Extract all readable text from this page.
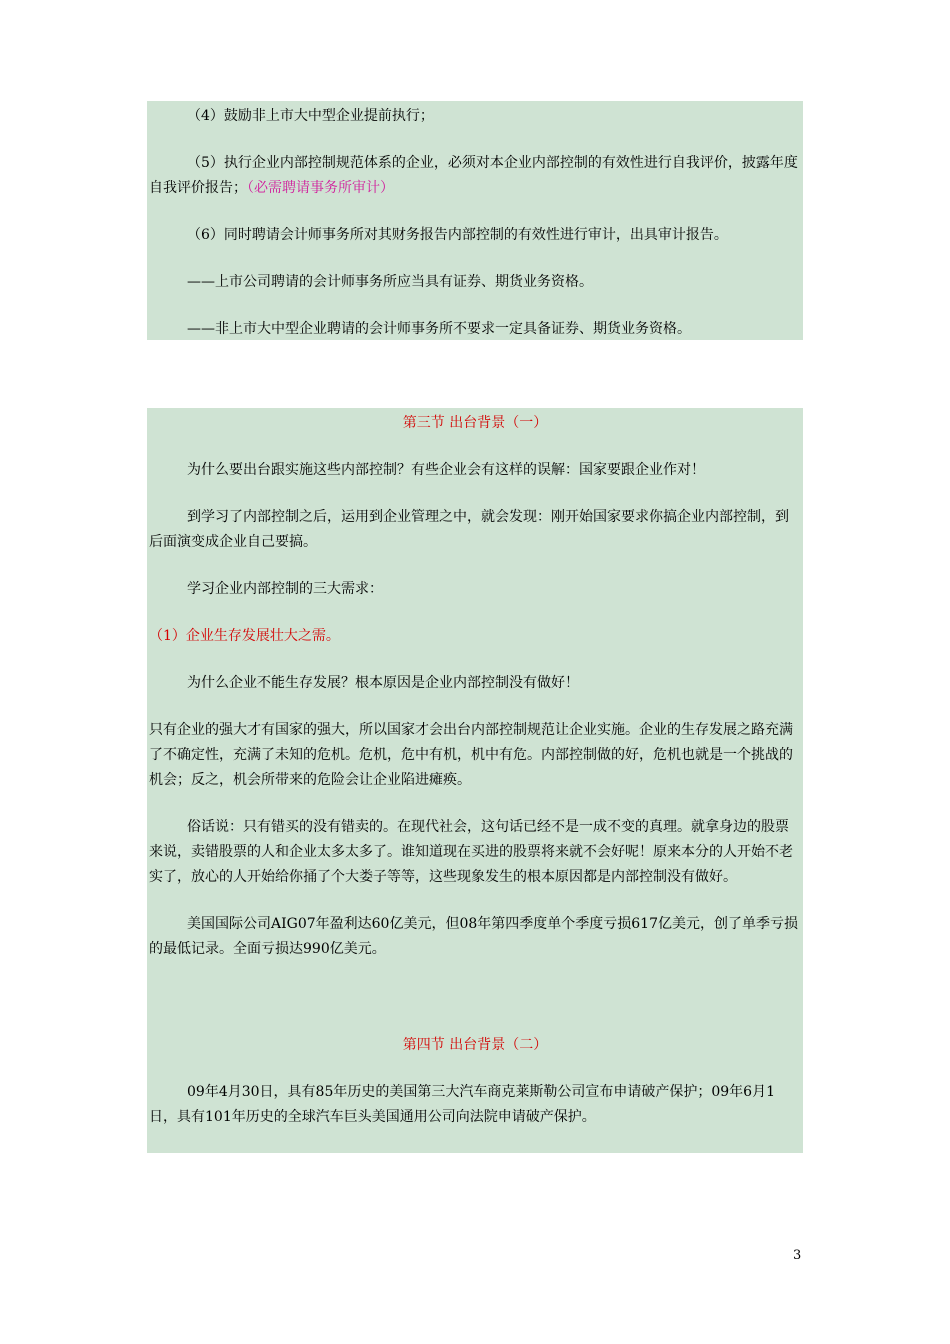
（4）鼓励非上市大中型企业提前执行；

（5）执行企业内部控制规范体系的企业，必须对本企业内部控制的有效性进行自我评价，披露年度自我评价报告；（必需聘请事务所审计）

（6）同时聘请会计师事务所对其财务报告内部控制的有效性进行审计，出具审计报告。

——上市公司聘请的会计师事务所应当具有证券、期货业务资格。

——非上市大中型企业聘请的会计师事务所不要求一定具备证券、期货业务资格。

第三节 出台背景（一）

为什么要出台跟实施这些内部控制？有些企业会有这样的误解：国家要跟企业作对！

到学习了内部控制之后，运用到企业管理之中，就会发现：刚开始国家要求你搞企业内部控制，到后面演变成企业自己要搞。

学习企业内部控制的三大需求：

（1）企业生存发展壮大之需。

为什么企业不能生存发展？根本原因是企业内部控制没有做好！

只有企业的强大才有国家的强大，所以国家才会出台内部控制规范让企业实施。企业的生存发展之路充满了不确定性，充满了未知的危机。危机，危中有机，机中有危。内部控制做的好，危机也就是一个挑战的机会；反之，机会所带来的危险会让企业陷进瘫痪。

俗话说：只有错买的没有错卖的。在现代社会，这句话已经不是一成不变的真理。就拿身边的股票来说，卖错股票的人和企业太多太多了。谁知道现在买进的股票将来就不会好呢！原来本分的人开始不老实了，放心的人开始给你捅了个大娄子等等，这些现象发生的根本原因都是内部控制没有做好。

美国国际公司AIG07年盈利达60亿美元，但08年第四季度单个季度亏损617亿美元，创了单季亏损的最低记录。全面亏损达990亿美元。

第四节 出台背景（二）

09年4月30日，具有85年历史的美国第三大汽车商克莱斯勒公司宣布申请破产保护；09年6月1日，具有101年历史的全球汽车巨头美国通用公司向法院申请破产保护。

3
